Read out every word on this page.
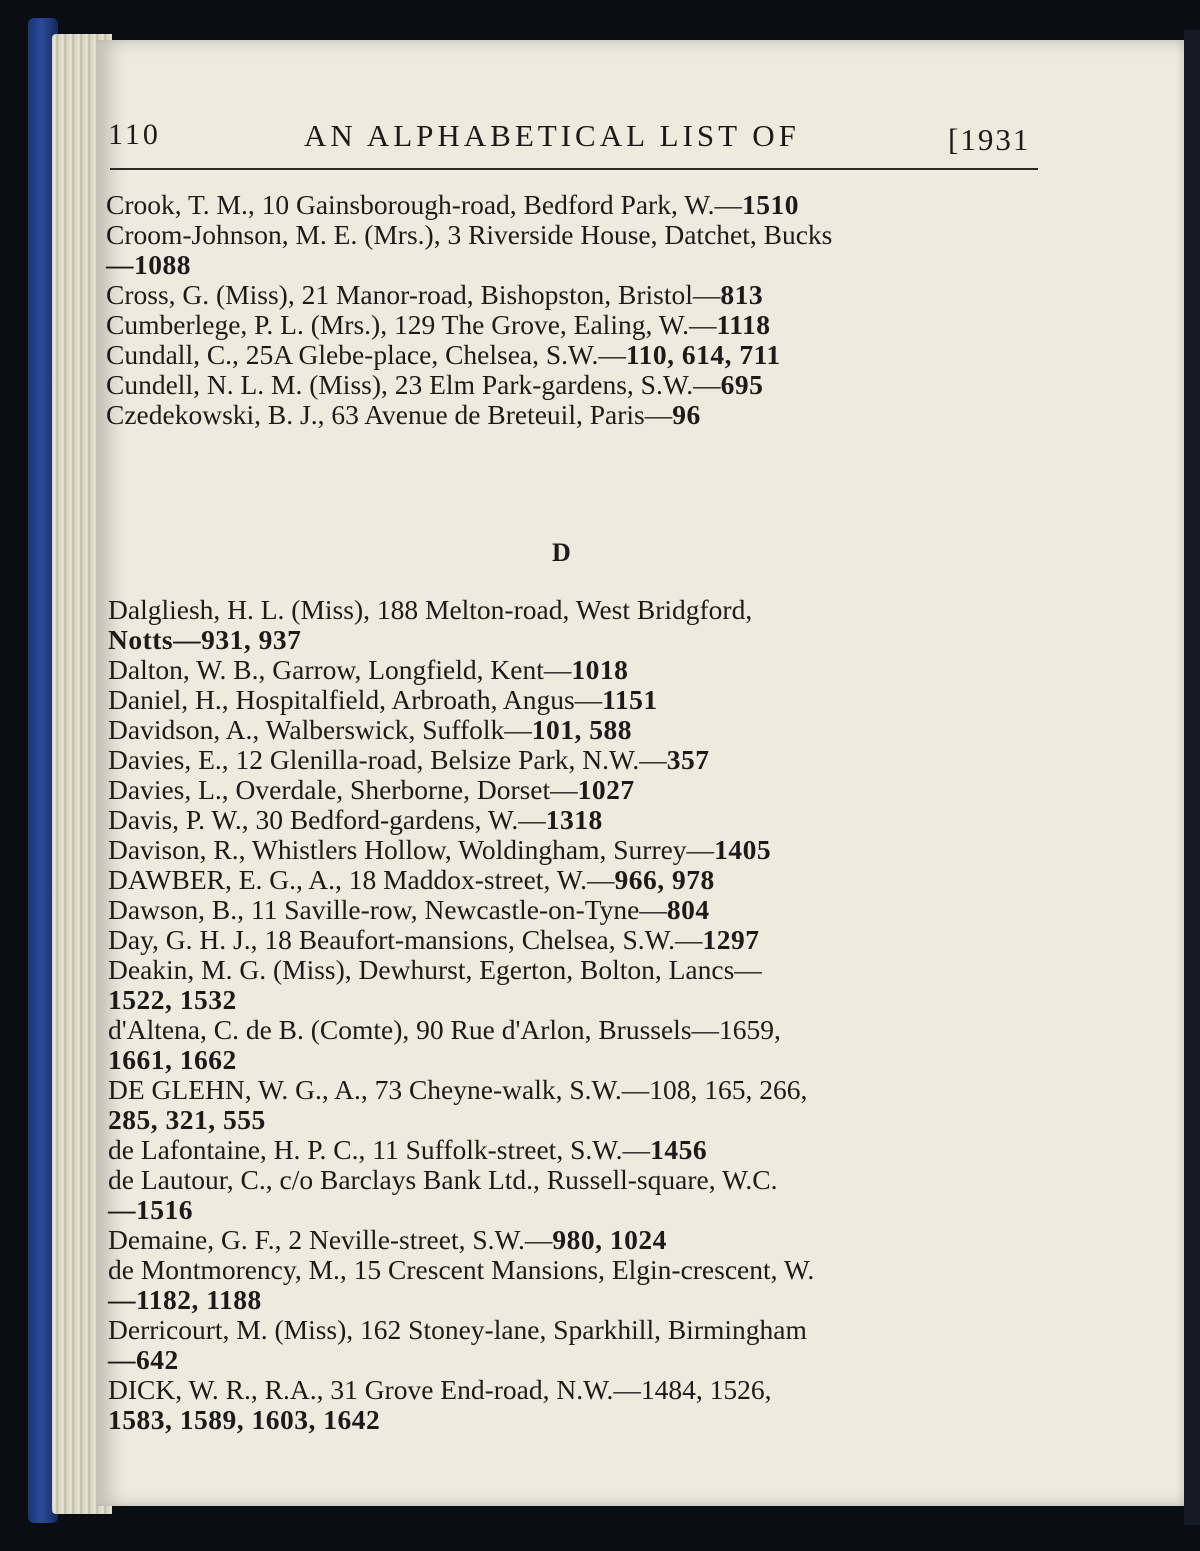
110	AN ALPHABETICAL LIST OF	[1931
Crook, T. M., 10 Gainsborough-road, Bedford Park, W.—1510
Croom-Johnson, M. E. (Mrs.), 3 Riverside House, Datchet, Bucks
—1088
Cross, G. (Miss), 21 Manor-road, Bishopston, Bristol—813
Cumberlege, P. L. (Mrs.), 129 The Grove, Ealing, W.—1118
Cundall, C., 25A Glebe-place, Chelsea, S.W.—110, 614, 711
Cundell, N. L. M. (Miss), 23 Elm Park-gardens, S.W.—695
Czedekowski, B. J., 63 Avenue de Breteuil, Paris—96
D
Dalgliesh, H. L. (Miss), 188 Melton-road, West Bridgford,
Notts—931, 937
Dalton, W. B., Garrow, Longfield, Kent—1018
Daniel, H., Hospitalfield, Arbroath, Angus—1151
Davidson, A., Walberswick, Suffolk—101, 588
Davies, E., 12 Glenilla-road, Belsize Park, N.W.—357
Davies, L., Overdale, Sherborne, Dorset—1027
Davis, P. W., 30 Bedford-gardens, W.—1318
Davison, R., Whistlers Hollow, Woldingham, Surrey—1405
DAWBER, E. G., A., 18 Maddox-street, W.—966, 978
Dawson, B., 11 Saville-row, Newcastle-on-Tyne—804
Day, G. H. J., 18 Beaufort-mansions, Chelsea, S.W.—1297
Deakin, M. G. (Miss), Dewhurst, Egerton, Bolton, Lancs—
1522, 1532
d'Altena, C. de B. (Comte), 90 Rue d'Arlon, Brussels—1659,
1661, 1662
DE GLEHN, W. G., A., 73 Cheyne-walk, S.W.—108, 165, 266,
285, 321, 555
de Lafontaine, H. P. C., 11 Suffolk-street, S.W.—1456
de Lautour, C., c/o Barclays Bank Ltd., Russell-square, W.C.
—1516
Demaine, G. F., 2 Neville-street, S.W.—980, 1024
de Montmorency, M., 15 Crescent Mansions, Elgin-crescent, W.
—1182, 1188
Derricourt, M. (Miss), 162 Stoney-lane, Sparkhill, Birmingham
—642
DICK, W. R., R.A., 31 Grove End-road, N.W.—1484, 1526,
1583, 1589, 1603, 1642
